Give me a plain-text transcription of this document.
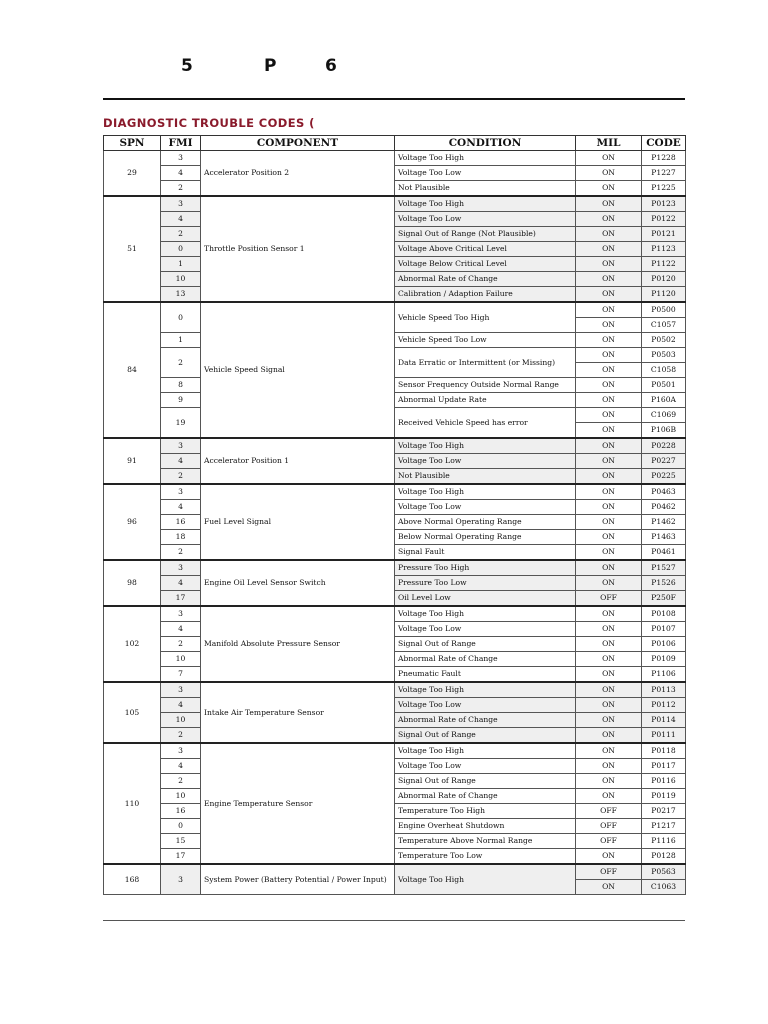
5	P	6
DIAGNOSTIC TROUBLE CODES (
SPN	FMI	COMPONENT	CONDITION	MIL	CODE
29	3	Accelerator Position 2	Voltage Too High	ON	P1228
	4		Voltage Too Low	ON	P1227
	2		Not Plausible	ON	P1225
51	3	Throttle Position Sensor 1	Voltage Too High	ON	P0123
	4		Voltage Too Low	ON	P0122
	2		Signal Out of Range (Not Plausible)	ON	P0121
	0		Voltage Above Critical Level	ON	P1123
	1		Voltage Below Critical Level	ON	P1122
	10		Abnormal Rate of Change	ON	P0120
	13		Calibration / Adaption Failure	ON	P1120
84	0	Vehicle Speed Signal	Vehicle Speed Too High	ON	P0500
				ON	C1057
	1		Vehicle Speed Too Low	ON	P0502
	2		Data Erratic or Intermittent (or Missing)	ON	P0503
				ON	C1058
	8		Sensor Frequency Outside Normal Range	ON	P0501
	9		Abnormal Update Rate	ON	P160A
	19		Received Vehicle Speed has error	ON	C1069
				ON	P106B
91	3	Accelerator Position 1	Voltage Too High	ON	P0228
	4		Voltage Too Low	ON	P0227
	2		Not Plausible	ON	P0225
96	3	Fuel Level Signal	Voltage Too High	ON	P0463
	4		Voltage Too Low	ON	P0462
	16		Above Normal Operating Range	ON	P1462
	18		Below Normal Operating Range	ON	P1463
	2		Signal Fault	ON	P0461
98	3	Engine Oil Level Sensor Switch	Pressure Too High	ON	P1527
	4		Pressure Too Low	ON	P1526
	17		Oil Level Low	OFF	P250F
102	3	Manifold Absolute Pressure Sensor	Voltage Too High	ON	P0108
	4		Voltage Too Low	ON	P0107
	2		Signal Out of Range	ON	P0106
	10		Abnormal Rate of Change	ON	P0109
	7		Pneumatic Fault	ON	P1106
105	3	Intake Air Temperature Sensor	Voltage Too High	ON	P0113
	4		Voltage Too Low	ON	P0112
	10		Abnormal Rate of Change	ON	P0114
	2		Signal Out of Range	ON	P0111
110	3	Engine Temperature Sensor	Voltage Too High	ON	P0118
	4		Voltage Too Low	ON	P0117
	2		Signal Out of Range	ON	P0116
	10		Abnormal Rate of Change	ON	P0119
	16		Temperature Too High	OFF	P0217
	0		Engine Overheat Shutdown	OFF	P1217
	15		Temperature Above Normal Range	OFF	P1116
	17		Temperature Too Low	ON	P0128
168	3	System Power (Battery Potential / Power Input)	Voltage Too High	OFF	P0563
				ON	C1063
